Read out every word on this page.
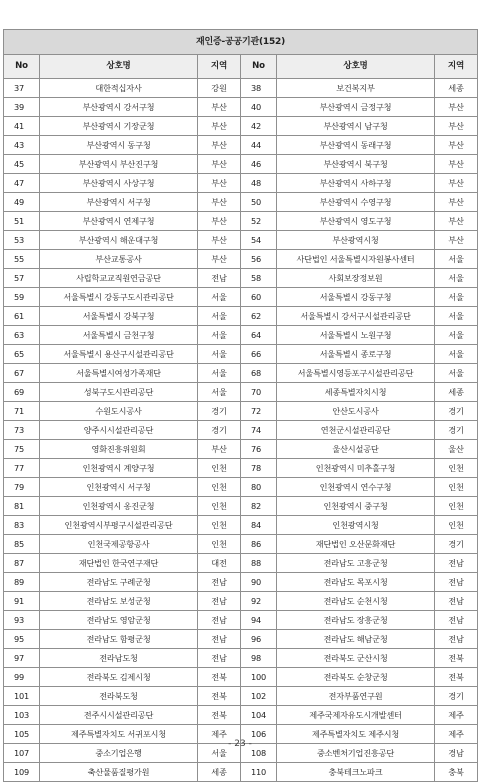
재인증-공공기관(152)					
No	상호명	지역	No	상호명	지역
37	대한적십자사	강원	38	보건복지부	세종
39	부산광역시 강서구청	부산	40	부산광역시 금정구청	부산
41	부산광역시 기장군청	부산	42	부산광역시 남구청	부산
43	부산광역시 동구청	부산	44	부산광역시 동래구청	부산
45	부산광역시 부산진구청	부산	46	부산광역시 북구청	부산
47	부산광역시 사상구청	부산	48	부산광역시 사하구청	부산
49	부산광역시 서구청	부산	50	부산광역시 수영구청	부산
51	부산광역시 연제구청	부산	52	부산광역시 영도구청	부산
53	부산광역시 해운대구청	부산	54	부산광역시청	부산
55	부산교통공사	부산	56	사단법인 서울특별시자원봉사센터	서울
57	사립학교교직원연금공단	전남	58	사회보장정보원	서울
59	서울특별시 강동구도시관리공단	서울	60	서울특별시 강동구청	서울
61	서울특별시 강북구청	서울	62	서울특별시 강서구시설관리공단	서울
63	서울특별시 금천구청	서울	64	서울특별시 노원구청	서울
65	서울특별시 용산구시설관리공단	서울	66	서울특별시 종로구청	서울
67	서울특별시여성가족재단	서울	68	서울특별시영등포구시설관리공단	서울
69	성북구도시관리공단	서울	70	세종특별자치시청	세종
71	수원도시공사	경기	72	안산도시공사	경기
73	양주시시설관리공단	경기	74	연천군시설관리공단	경기
75	영화진흥위원회	부산	76	울산시설공단	울산
77	인천광역시 계양구청	인천	78	인천광역시 미추홀구청	인천
79	인천광역시 서구청	인천	80	인천광역시 연수구청	인천
81	인천광역시 옹진군청	인천	82	인천광역시 중구청	인천
83	인천광역시부평구시설관리공단	인천	84	인천광역시청	인천
85	인천국제공항공사	인천	86	재단법인 오산문화재단	경기
87	재단법인 한국연구재단	대전	88	전라남도 고흥군청	전남
89	전라남도 구례군청	전남	90	전라남도 목포시청	전남
91	전라남도 보성군청	전남	92	전라남도 순천시청	전남
93	전라남도 영암군청	전남	94	전라남도 장흥군청	전남
95	전라남도 함평군청	전남	96	전라남도 해남군청	전남
97	전라남도청	전남	98	전라북도 군산시청	전북
99	전라북도 김제시청	전북	100	전라북도 순창군청	전북
101	전라북도청	전북	102	전자부품연구원	경기
103	전주시시설관리공단	전북	104	제주국제자유도시개발센터	제주
105	제주특별자치도 서귀포시청	제주	106	제주특별자치도 제주시청	제주
107	중소기업은행	서울	108	중소벤처기업진흥공단	경남
109	축산물품질평가원	세종	110	충북테크노파크	충북
- 23 -
